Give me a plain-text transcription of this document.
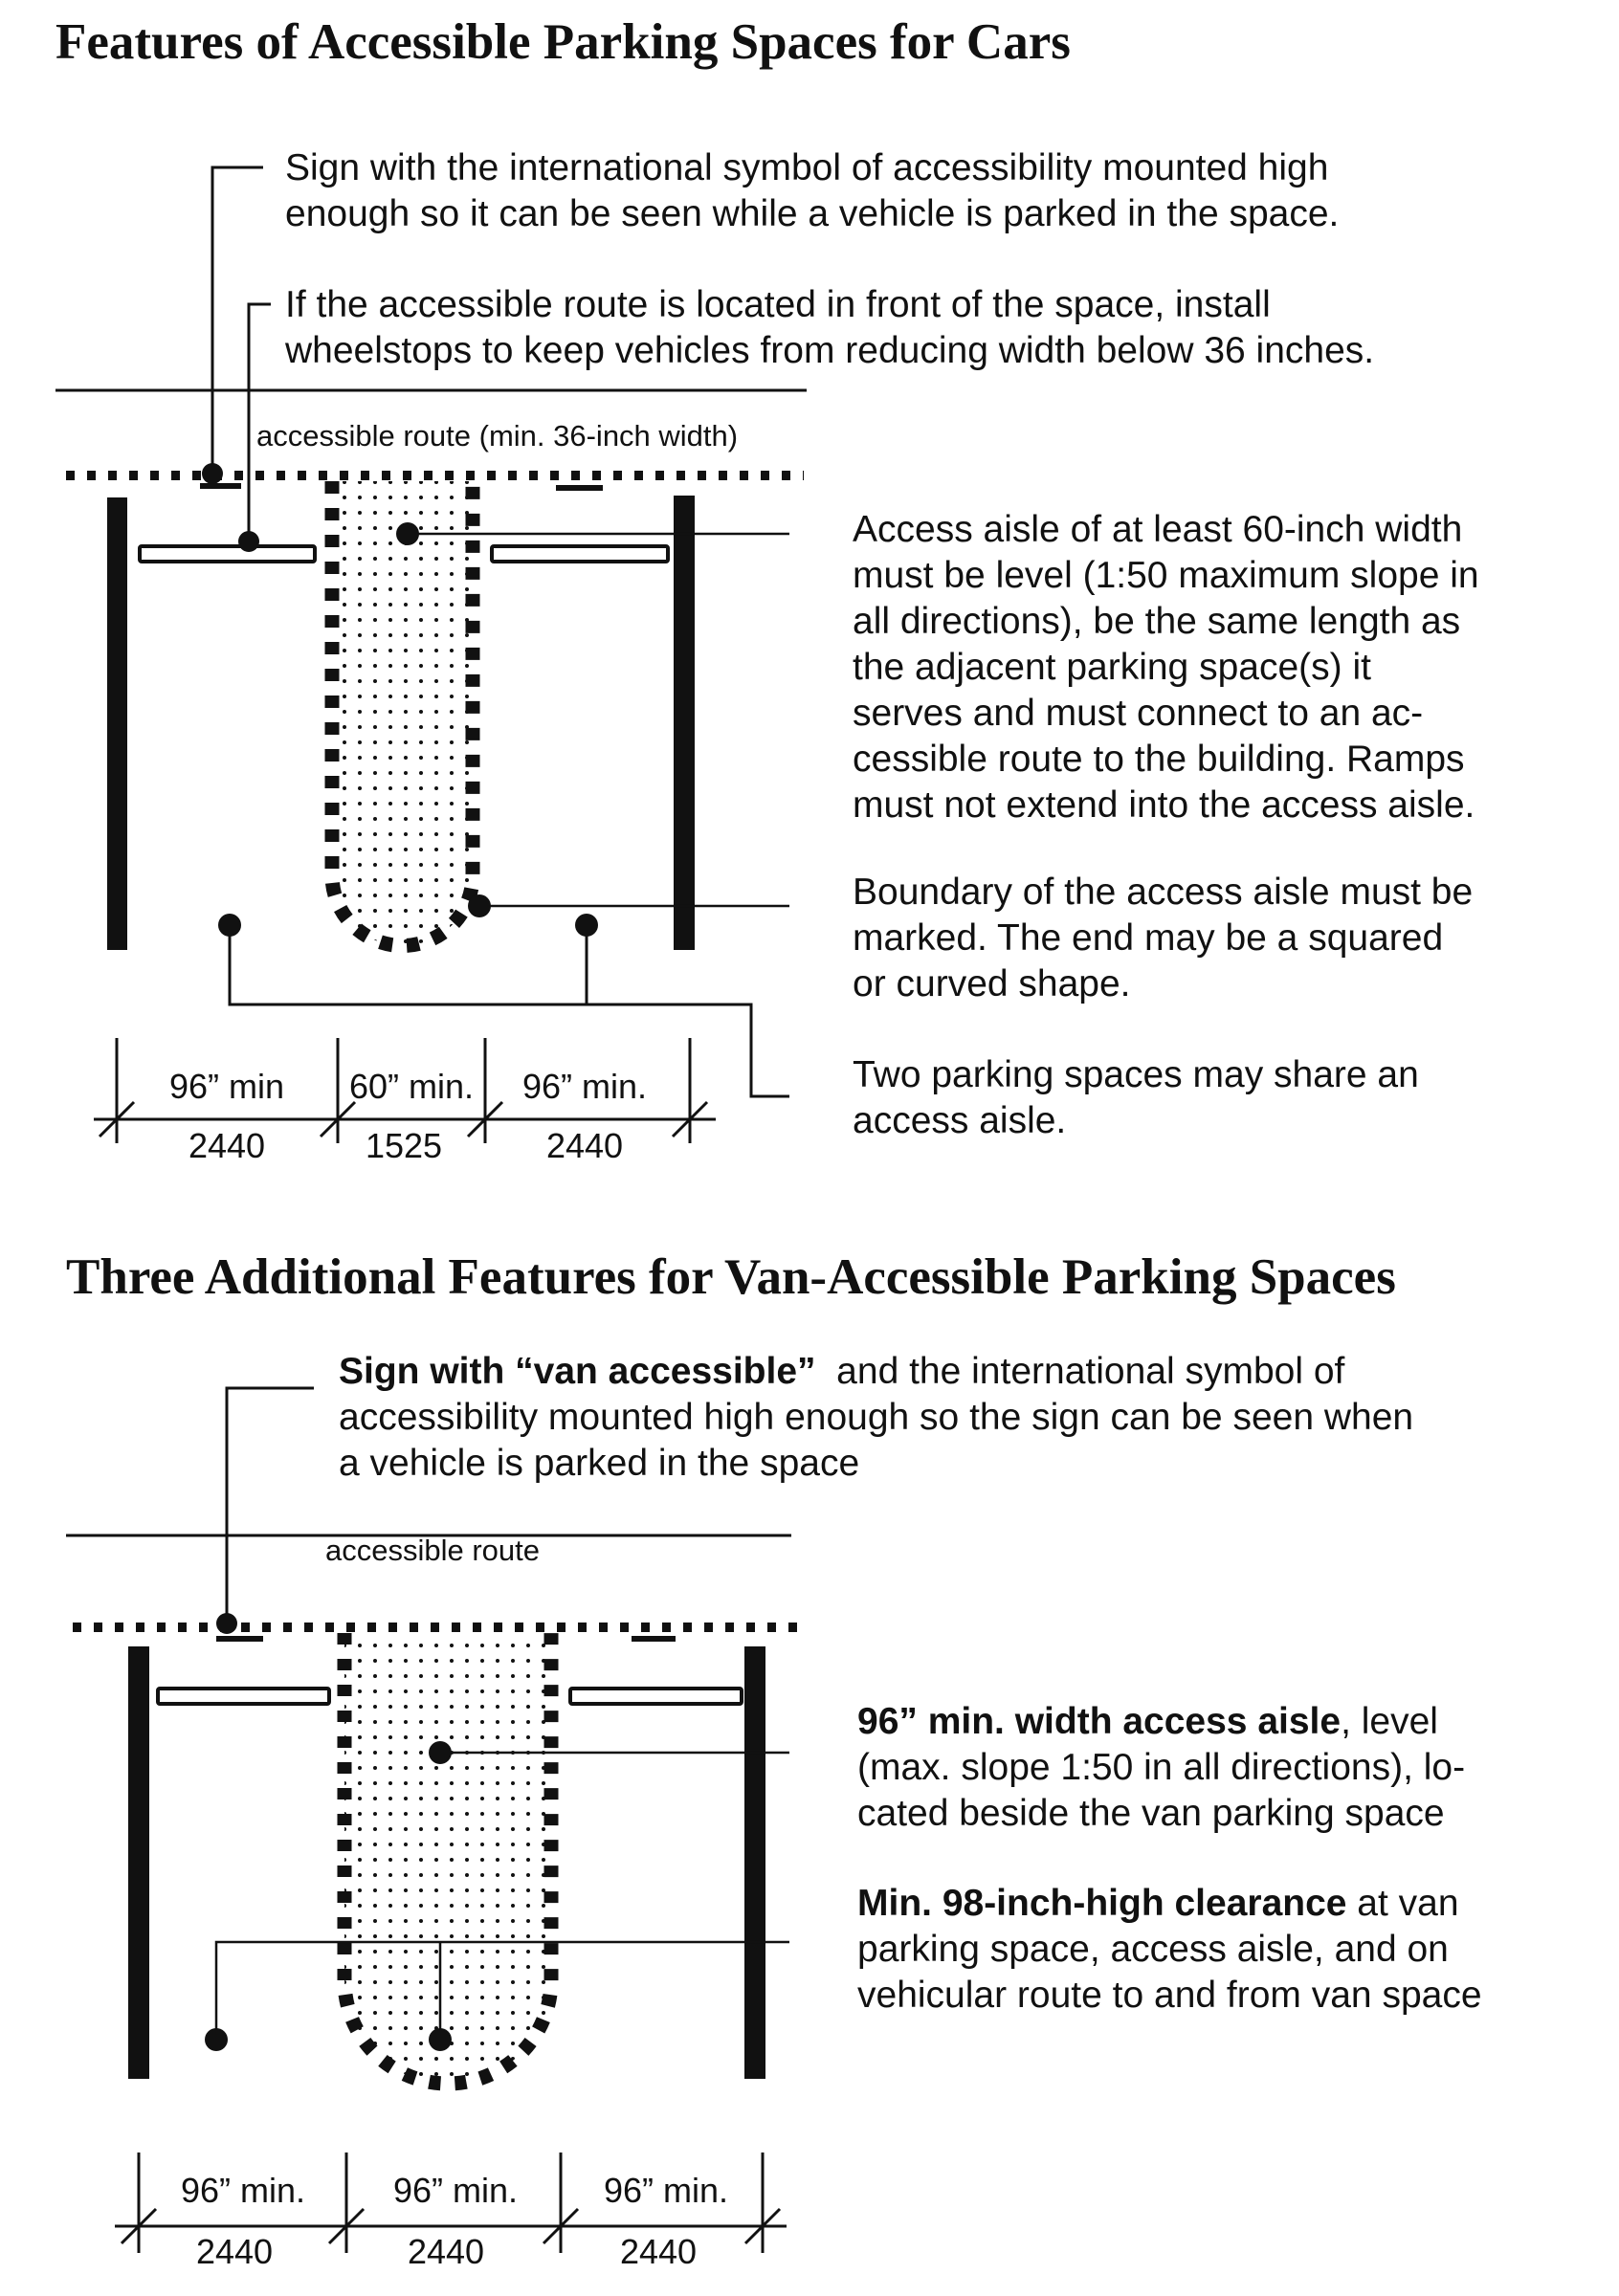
Features of Accessible Parking Spaces for Cars
Sign with the international symbol of accessibility mounted high
enough so it can be seen while a vehicle is parked in the space.
If the accessible route is located in front of the space, install
wheelstops to keep vehicles from reducing width below 36 inches.
accessible route (min. 36-inch width)
Access aisle of at least 60-inch width
must be level (1:50 maximum slope in
all directions), be the same length as
the adjacent parking space(s) it
serves and must connect to an ac-
cessible route to the building. Ramps
must not extend into the access aisle.
Boundary of the access aisle must be
marked. The end may be a squared
or curved shape.
Two parking spaces may share an
access aisle.
96” min	60” min.	96” min.
2440	1525	2440
Three Additional Features for Van-Accessible Parking Spaces
Sign with “van accessible”  and the international symbol of
accessibility mounted high enough so the sign can be seen when
a vehicle is parked in the space
accessible route
96” min. width access aisle, level
(max. slope 1:50 in all directions), lo-
cated beside the van parking space
Min. 98-inch-high clearance at van
parking space, access aisle, and on
vehicular route to and from van space
96” min.	96” min.	96” min.
2440	2440	2440
